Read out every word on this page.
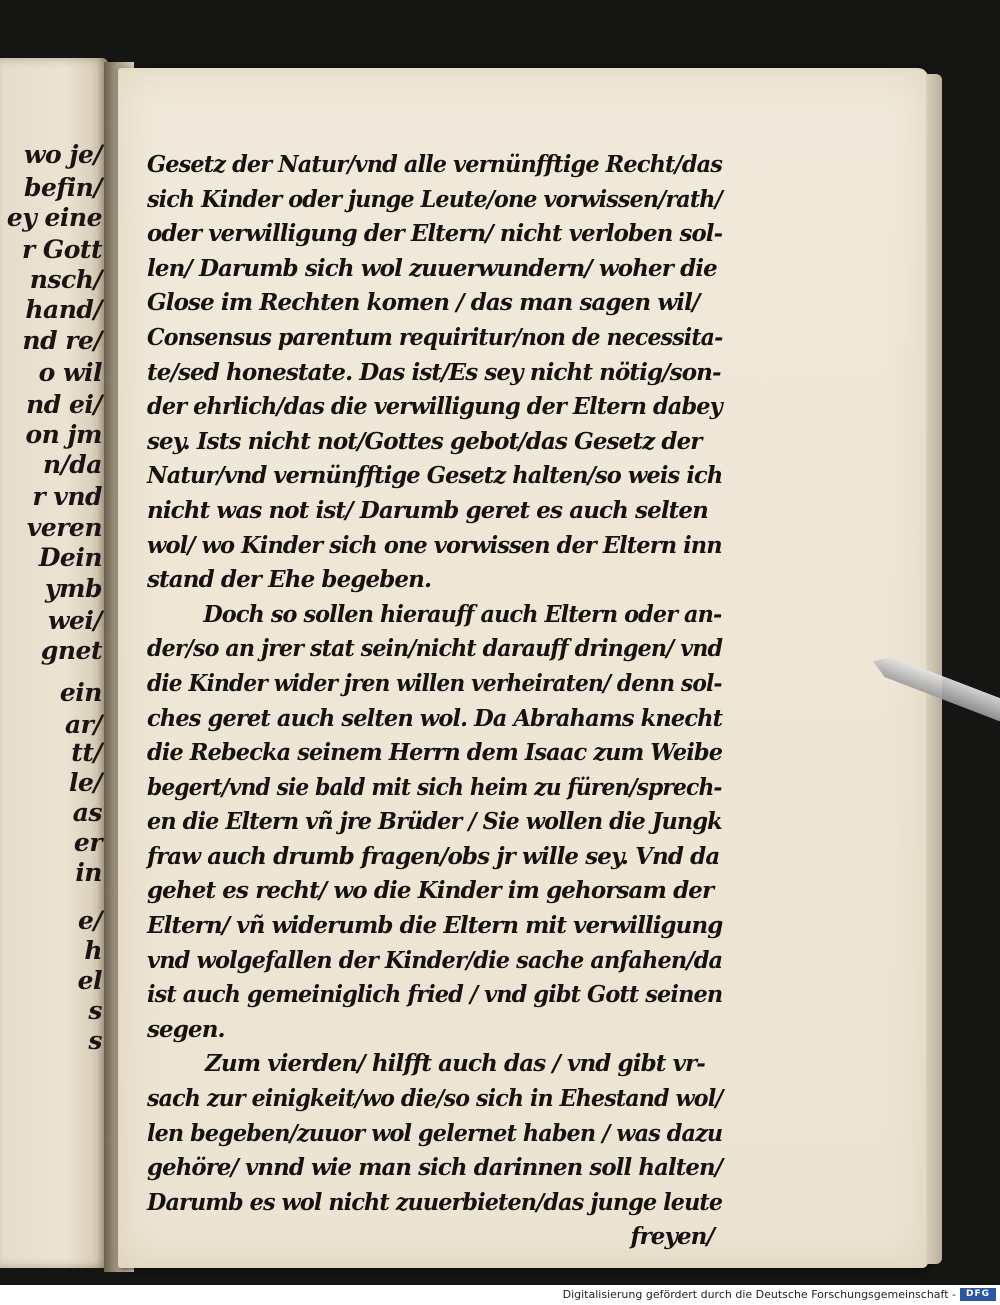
wo je/

befin/

ey eine

r Gott

nsch/

hand/

nd re/

o wil

nd ei/

on jm

n/da

r vnd

veren

Dein

ymb

wei/

gnet

ein

ar/

tt/

le/

as

er

in

e/

h

el

s

s

Gesetz der Natur/vnd alle vernünfftige Recht/das
sich Kinder oder junge Leute/one vorwissen/rath/
oder verwilligung der Eltern/ nicht verloben sol-
len/ Darumb sich wol zuuerwundern/ woher die
Glose im Rechten komen / das man sagen wil/
Consensus parentum requiritur/non de necessita-
te/sed honestate. Das ist/Es sey nicht nötig/son-
der ehrlich/das die verwilligung der Eltern dabey
sey. Ists nicht not/Gottes gebot/das Gesetz der
Natur/vnd vernünfftige Gesetz halten/so weis ich
nicht was not ist/ Darumb geret es auch selten
wol/ wo Kinder sich one vorwissen der Eltern inn
stand der Ehe begeben.
Doch so sollen hierauff auch Eltern oder an-
der/so an jrer stat sein/nicht darauff dringen/ vnd
die Kinder wider jren willen verheiraten/ denn sol-
ches geret auch selten wol. Da Abrahams knecht
die Rebecka seinem Herrn dem Isaac zum Weibe
begert/vnd sie bald mit sich heim zu füren/sprech-
en die Eltern vñ jre Brüder / Sie wollen die Jungk
fraw auch drumb fragen/obs jr wille sey. Vnd da
gehet es recht/ wo die Kinder im gehorsam der
Eltern/ vñ widerumb die Eltern mit verwilligung
vnd wolgefallen der Kinder/die sache anfahen/da
ist auch gemeiniglich fried / vnd gibt Gott seinen
segen.
Zum vierden/ hilfft auch das / vnd gibt vr-
sach zur einigkeit/wo die/so sich in Ehestand wol/
len begeben/zuuor wol gelernet haben / was dazu
gehöre/ vnnd wie man sich darinnen soll halten/
Darumb es wol nicht zuuerbieten/das junge leute
freyen/
Digitalisierung gefördert durch die Deutsche Forschungsgemeinschaft -	DFG
